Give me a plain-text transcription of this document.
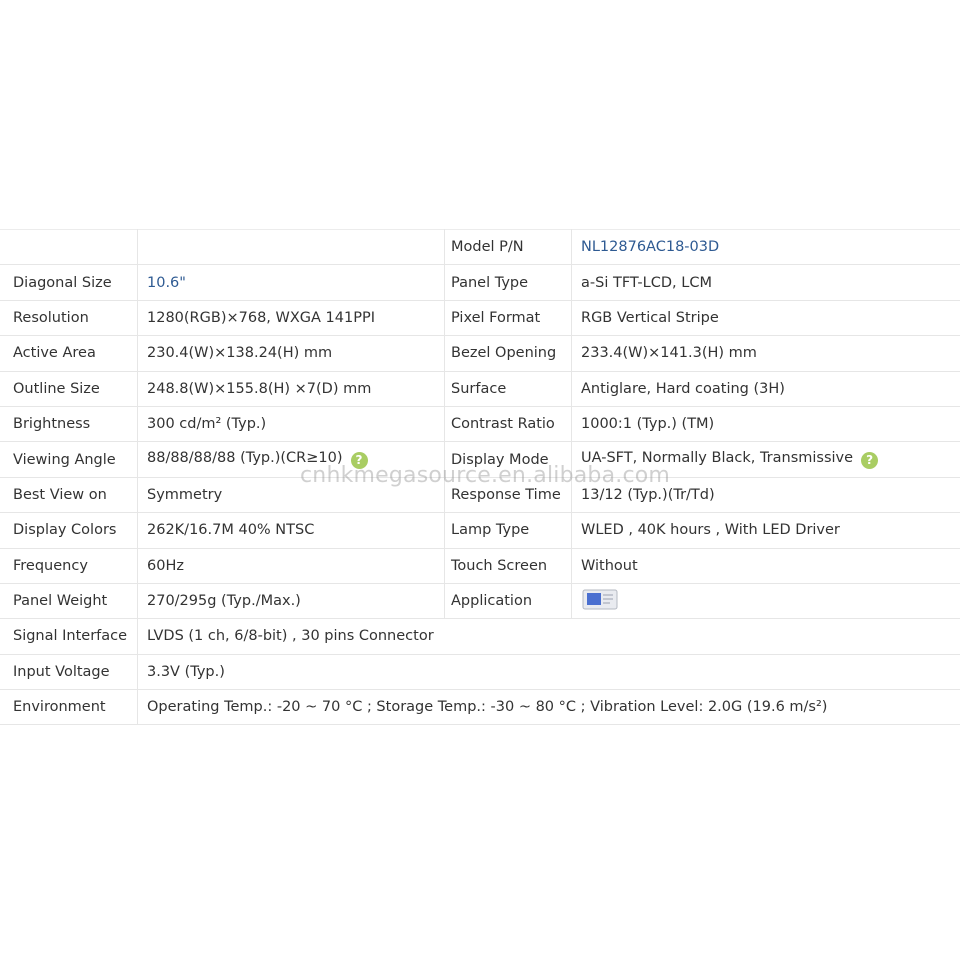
		Model P/N	NL12876AC18-03D
Diagonal Size	10.6"	Panel Type	a-Si TFT-LCD, LCM
Resolution	1280(RGB)×768, WXGA 141PPI	Pixel Format	RGB Vertical Stripe
Active Area	230.4(W)×138.24(H) mm	Bezel Opening	233.4(W)×141.3(H) mm
Outline Size	248.8(W)×155.8(H) ×7(D) mm	Surface	Antiglare, Hard coating (3H)
Brightness	300 cd/m² (Typ.)	Contrast Ratio	1000:1 (Typ.) (TM)
Viewing Angle	88/88/88/88 (Typ.)(CR≥10) ?	Display Mode	UA-SFT, Normally Black, Transmissive ?
Best View on	Symmetry	Response Time	13/12 (Typ.)(Tr/Td)
Display Colors	262K/16.7M 40% NTSC	Lamp Type	WLED , 40K hours , With LED Driver
Frequency	60Hz	Touch Screen	Without
Panel Weight	270/295g (Typ./Max.)	Application	
Signal Interface	LVDS (1 ch, 6/8-bit) , 30 pins Connector		
Input Voltage	3.3V (Typ.)		
Environment	Operating Temp.: -20 ~ 70 °C ; Storage Temp.: -30 ~ 80 °C ; Vibration Level: 2.0G (19.6 m/s²)		
cnhkmegasource.en.alibaba.com
